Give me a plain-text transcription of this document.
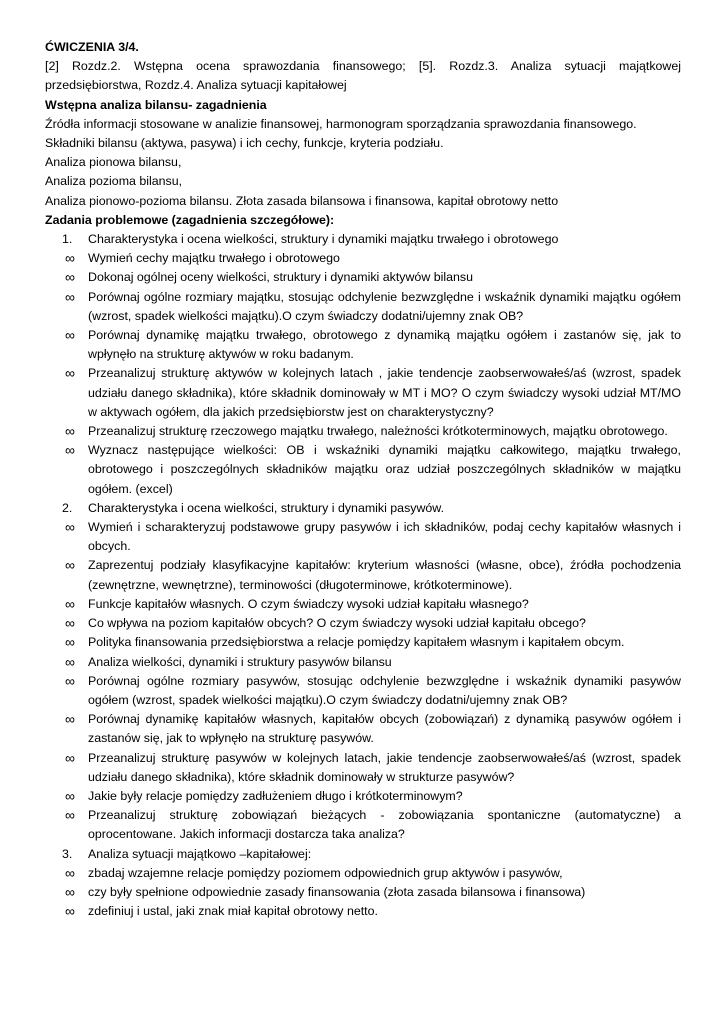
ĆWICZENIA 3/4.

[2] Rozdz.2. Wstępna ocena sprawozdania finansowego; [5]. Rozdz.3. Analiza sytuacji majątkowej przedsiębiorstwa, Rozdz.4. Analiza sytuacji kapitałowej

Wstępna analiza bilansu- zagadnienia

Źródła informacji stosowane w analizie finansowej, harmonogram sporządzania sprawozdania finansowego.

Składniki bilansu (aktywa, pasywa) i ich cechy, funkcje, kryteria podziału.

Analiza pionowa bilansu,

Analiza pozioma bilansu,

Analiza pionowo-pozioma bilansu. Złota zasada bilansowa i finansowa, kapitał obrotowy netto

Zadania problemowe (zagadnienia szczegółowe):

1. Charakterystyka i ocena wielkości, struktury i dynamiki majątku trwałego i obrotowego
∞ Wymień cechy majątku trwałego i obrotowego
∞ Dokonaj ogólnej oceny wielkości, struktury i dynamiki aktywów bilansu
∞ Porównaj ogólne rozmiary majątku, stosując odchylenie bezwzględne i wskaźnik dynamiki majątku ogółem (wzrost, spadek wielkości majątku).O czym świadczy dodatni/ujemny znak OB?
∞ Porównaj dynamikę majątku trwałego, obrotowego z dynamiką majątku ogółem i zastanów się, jak to wpłynęło na strukturę aktywów w roku badanym.
∞ Przeanalizuj strukturę aktywów w kolejnych latach , jakie tendencje zaobserwowałeś/aś (wzrost, spadek udziału danego składnika), które składnik dominowały w MT i MO? O czym świadczy wysoki udział MT/MO w aktywach ogółem, dla jakich przedsiębiorstw jest on charakterystyczny?
∞ Przeanalizuj strukturę rzeczowego majątku trwałego, należności krótkoterminowych, majątku obrotowego.
∞ Wyznacz następujące wielkości: OB i wskaźniki dynamiki majątku całkowitego, majątku trwałego, obrotowego i poszczególnych składników majątku oraz udział poszczególnych składników w majątku ogółem. (excel)
2. Charakterystyka i ocena wielkości, struktury i dynamiki pasywów.
∞ Wymień i scharakteryzuj podstawowe grupy pasywów i ich składników, podaj cechy kapitałów własnych i obcych.
∞ Zaprezentuj podziały klasyfikacyjne kapitałów: kryterium własności (własne, obce), źródła pochodzenia (zewnętrzne, wewnętrzne), terminowości (długoterminowe, krótkoterminowe).
∞ Funkcje kapitałów własnych. O czym świadczy wysoki udział kapitału własnego?
∞ Co wpływa na poziom kapitałów obcych? O czym świadczy wysoki udział kapitału obcego?
∞ Polityka finansowania przedsiębiorstwa a relacje pomiędzy kapitałem własnym i kapitałem obcym.
∞ Analiza wielkości, dynamiki i struktury pasywów bilansu
∞ Porównaj ogólne rozmiary pasywów, stosując odchylenie bezwzględne i wskaźnik dynamiki pasywów ogółem (wzrost, spadek wielkości majątku).O czym świadczy dodatni/ujemny znak OB?
∞ Porównaj dynamikę kapitałów własnych, kapitałów obcych (zobowiązań) z dynamiką pasywów ogółem i zastanów się, jak to wpłynęło na strukturę pasywów.
∞ Przeanalizuj strukturę pasywów w kolejnych latach, jakie tendencje zaobserwowałeś/aś (wzrost, spadek udziału danego składnika), które składnik dominowały w strukturze pasywów?
∞ Jakie były relacje pomiędzy zadłużeniem długo i krótkoterminowym?
∞ Przeanalizuj strukturę zobowiązań bieżących - zobowiązania spontaniczne (automatyczne) a oprocentowane. Jakich informacji dostarcza taka analiza?
3. Analiza sytuacji majątkowo –kapitałowej:
∞ zbadaj wzajemne relacje pomiędzy poziomem odpowiednich grup aktywów i pasywów,
∞ czy były spełnione odpowiednie zasady finansowania (złota zasada bilansowa i finansowa)
∞ zdefiniuj i ustal, jaki znak miał kapitał obrotowy netto.
